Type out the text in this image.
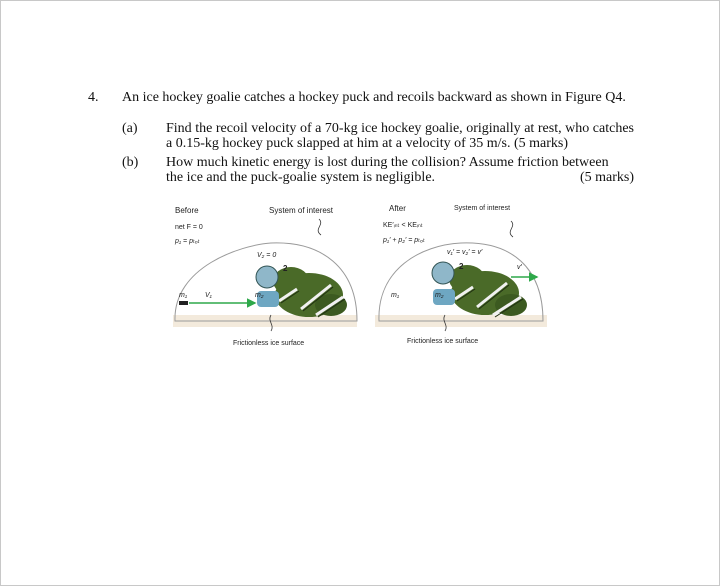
4. An ice hockey goalie catches a hockey puck and recoils backward as shown in Figure Q4.
(a) Find the recoil velocity of a 70-kg ice hockey goalie, originally at rest, who catches a 0.15-kg hockey puck slapped at him at a velocity of 35 m/s. (5 marks)
(b) How much kinetic energy is lost during the collision? Assume friction between
the ice and the puck-goalie system is negligible.	(5 marks)
2
Before
net F = 0
p₁ = pₜₒₜ
System of interest
V₂ = 0
m₁	V₁	m₂
Frictionless ice surface
2
After
KE′ᵢₙₜ < KEᵢₙₜ
p₁′ + p₂′ = pₜₒₜ
System of interest
v₁′ = v₂′ = v′
v′
m₁	m₂
Frictionless ice surface
